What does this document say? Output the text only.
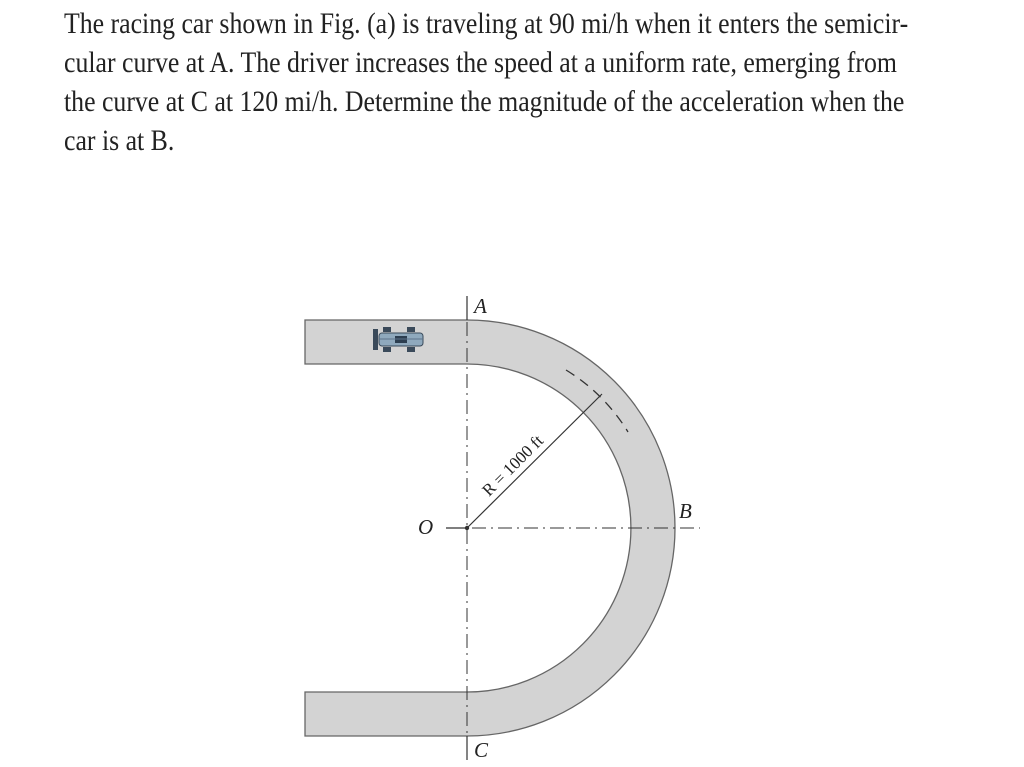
The racing car shown in Fig. (a) is traveling at 90 mi/h when it enters the semicir-
cular curve at A. The driver increases the speed at a uniform rate, emerging from
the curve at C at 120 mi/h. Determine the magnitude of the acceleration when the
car is at B.
A
B
C
O
R = 1000 ft
